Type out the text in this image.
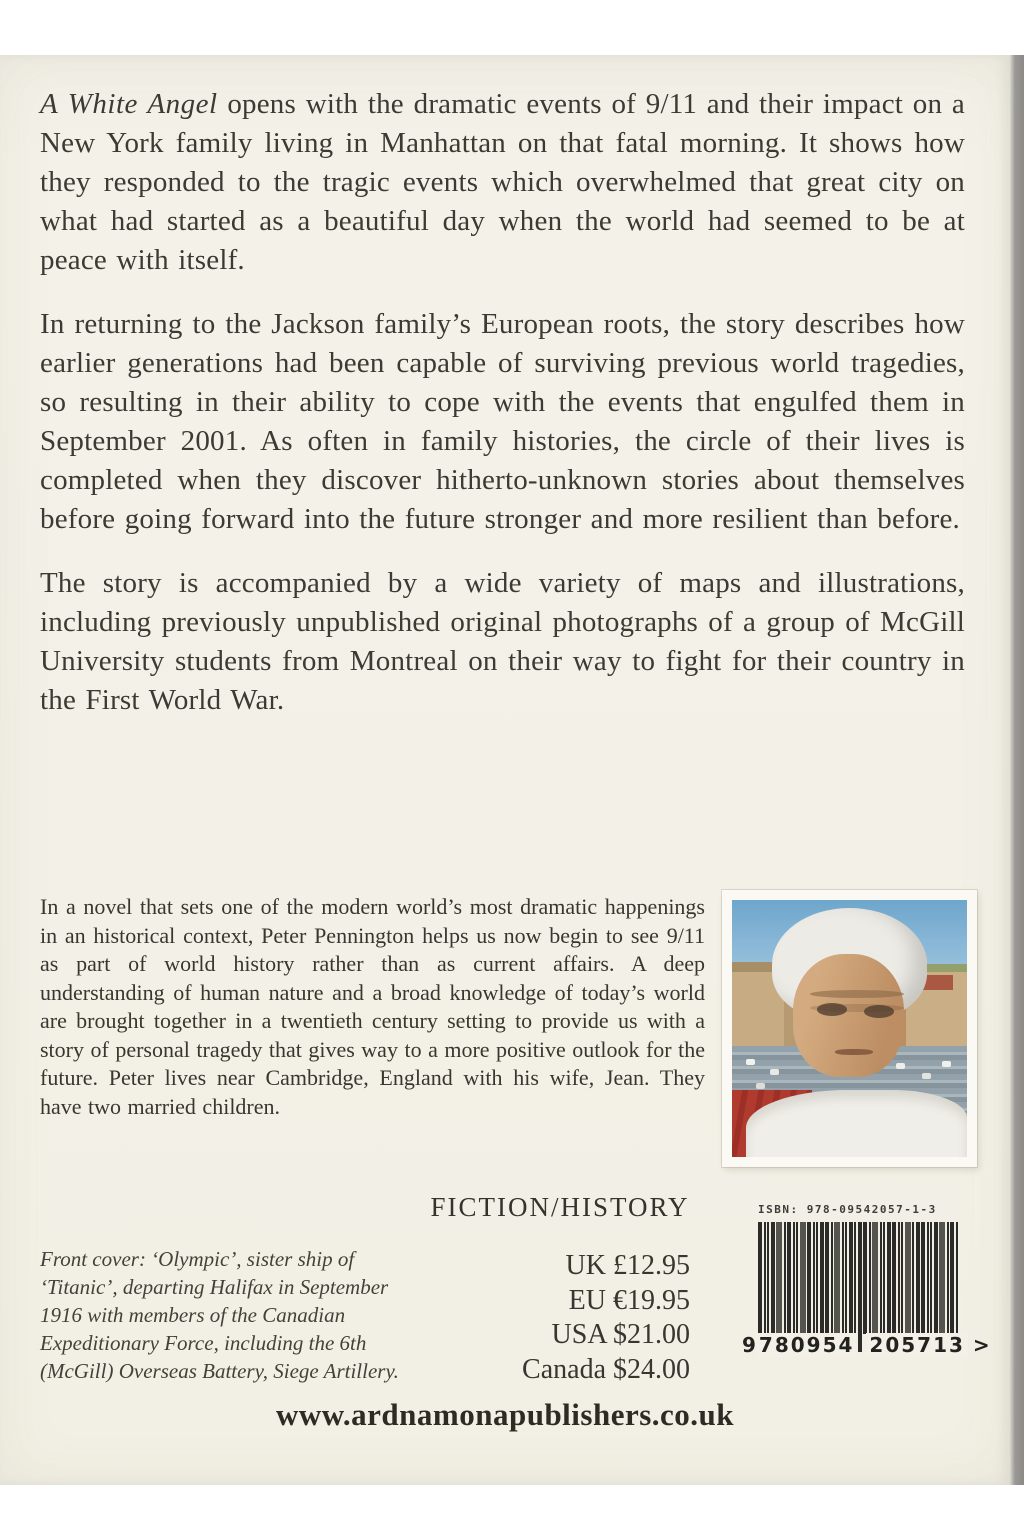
A White Angel opens with the dramatic events of 9/11 and their impact on a New York family living in Manhattan on that fatal morning. It shows how they responded to the tragic events which overwhelmed that great city on what had started as a beautiful day when the world had seemed to be at peace with itself.

In returning to the Jackson family’s European roots, the story describes how earlier generations had been capable of surviving previous world tragedies, so resulting in their ability to cope with the events that engulfed them in September 2001. As often in family histories, the circle of their lives is completed when they discover hitherto-unknown stories about themselves before going forward into the future stronger and more resilient than before.

The story is accompanied by a wide variety of maps and illustrations, including previously unpublished original photographs of a group of McGill University students from Montreal on their way to fight for their country in the First World War.

In a novel that sets one of the modern world’s most dramatic happenings in an historical context, Peter Pennington helps us now begin to see 9/11 as part of world history rather than as current affairs. A deep understanding of human nature and a broad knowledge of today’s world are brought together in a twentieth century setting to provide us with a story of personal tragedy that gives way to a more positive outlook for the future. Peter lives near Cambridge, England with his wife, Jean. They have two married children.
FICTION/HISTORY
Front cover: ‘Olympic’, sister ship of ‘Titanic’, departing Halifax in September 1916 with members of the Canadian Expeditionary Force, including the 6th (McGill) Overseas Battery, Siege Artillery.
UK £12.95
EU €19.95
USA $21.00
Canada $24.00
ISBN: 978-09542057-1-3
9 780954 205713 >
www.ardnamonapublishers.co.uk
